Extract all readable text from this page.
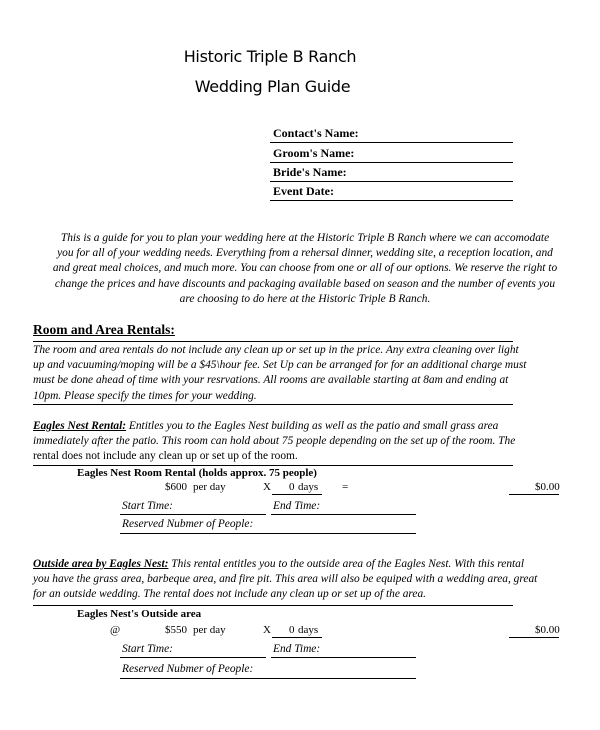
Historic Triple B Ranch
Wedding Plan Guide
Contact's Name:
Groom's Name:
Bride's Name:
Event Date:
This is a guide for you to plan your wedding here at the Historic Triple B Ranch where we can accomodate
you for all of your wedding needs. Everything from a rehersal dinner, wedding site, a reception location, and
and great meal choices, and much more. You can choose from one or all of our options. We reserve the right to
change the prices and have discounts and packaging available based on season and the number of events you
are choosing to do here at the Historic Triple B Ranch.
Room and Area Rentals:
The room and area rentals do not include any clean up or set up in the price. Any extra cleaning over light
up and vacuuming/moping will be a $45\hour fee. Set Up can be arranged for for an additional charge must
must be done ahead of time with your resrvations. All rooms are available starting at 8am and ending at
10pm. Please specify the times for your wedding.
Eagles Nest Rental: Entitles you to the Eagles Nest building as well as the patio and small grass area
immediately after the patio. This room can hold about 75 people depending on the set up of the room. The
rental does not include any clean up or set up of the room.
Eagles Nest Room Rental (holds approx. 75 people)
$600 per day	X 0 days =	$0.00
Start Time:	End Time:
Reserved Nubmer of People:
Outside area by Eagles Nest: This rental entitles you to the outside area of the Eagles Nest. With this rental
you have the grass area, barbeque area, and fire pit. This area will also be equiped with a wedding area, great
for an outside wedding. The rental does not include any clean up or set up of the area.
Eagles Nest's Outside area
@	$550 per day	X 0 days	$0.00
Start Time:	End Time:
Reserved Nubmer of People:
